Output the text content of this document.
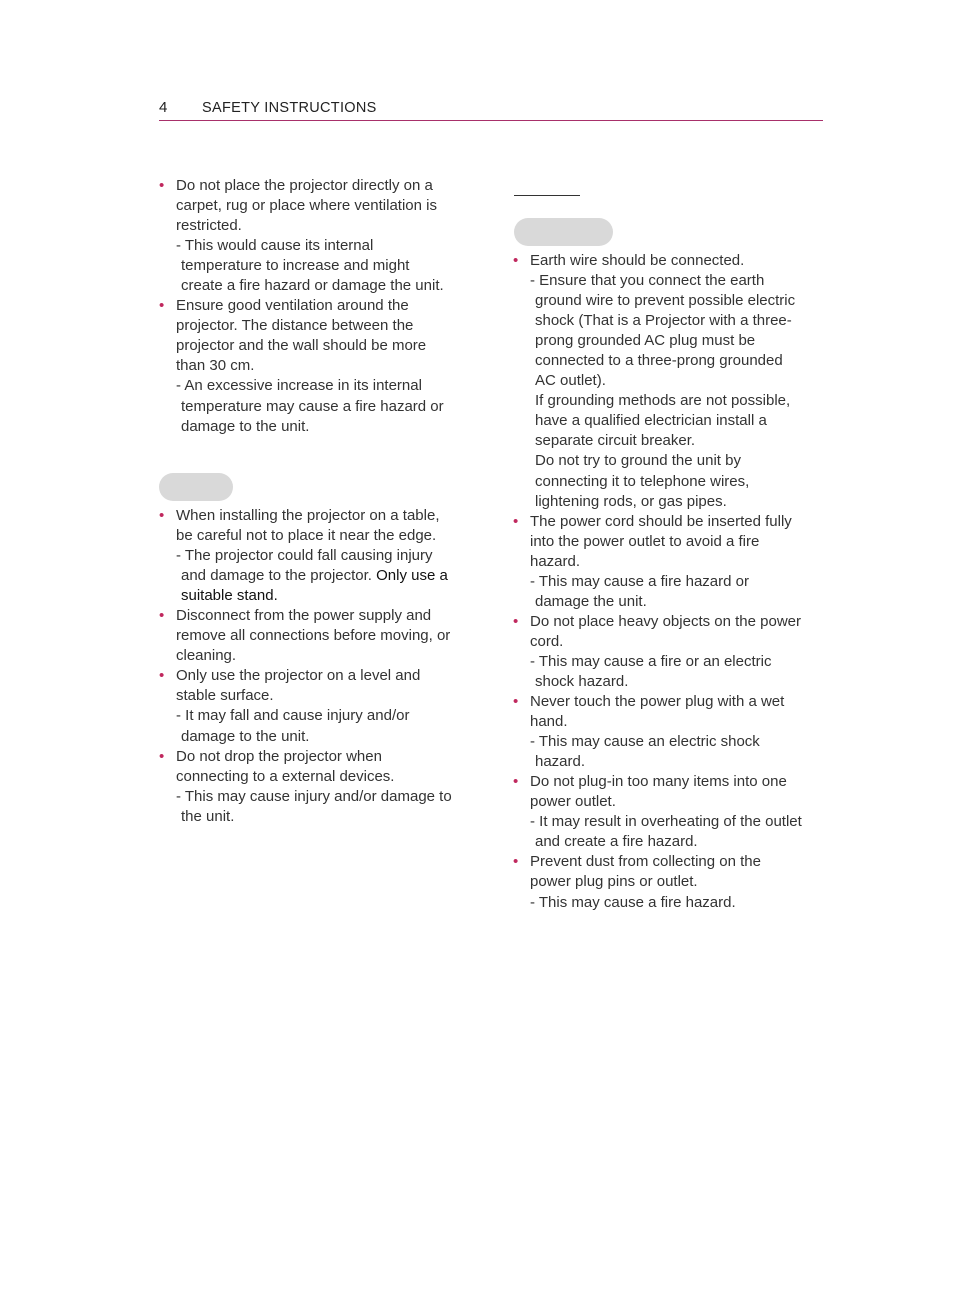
4 SAFETY INSTRUCTIONS
• Do not place the projector directly on a carpet, rug or place where ventilation is restricted.
- This would cause its internal temperature to increase and might create a fire hazard or damage the unit.
• Ensure good ventilation around the projector. The distance between the projector and the wall should be more than 30 cm.
- An excessive increase in its internal temperature may cause a fire hazard or damage to the unit.
• When installing the projector on a table, be careful not to place it near the edge.
- The projector could fall causing injury and damage to the projector. Only use a suitable stand.
• Disconnect from the power supply and remove all connections before moving, or cleaning.
• Only use the projector on a level and stable surface.
- It may fall and cause injury and/or damage to the unit.
• Do not drop the projector when connecting to a external devices.
- This may cause injury and/or damage to the unit.
• Earth wire should be connected.
- Ensure that you connect the earth ground wire to prevent possible electric shock (That is a Projector with a three-prong grounded AC plug must be connected to a three-prong grounded AC outlet).
If grounding methods are not possible, have a qualified electrician install a separate circuit breaker.
Do not try to ground the unit by connecting it to telephone wires, lightening rods, or gas pipes.
• The power cord should be inserted fully into the power outlet to avoid a fire hazard.
- This may cause a fire hazard or damage the unit.
• Do not place heavy objects on the power cord.
- This may cause a fire or an electric shock hazard.
• Never touch the power plug with a wet hand.
- This may cause an electric shock hazard.
• Do not plug-in too many items into one power outlet.
- It may result in overheating of the outlet and create a fire hazard.
• Prevent dust from collecting on the power plug pins or outlet.
- This may cause a fire hazard.
